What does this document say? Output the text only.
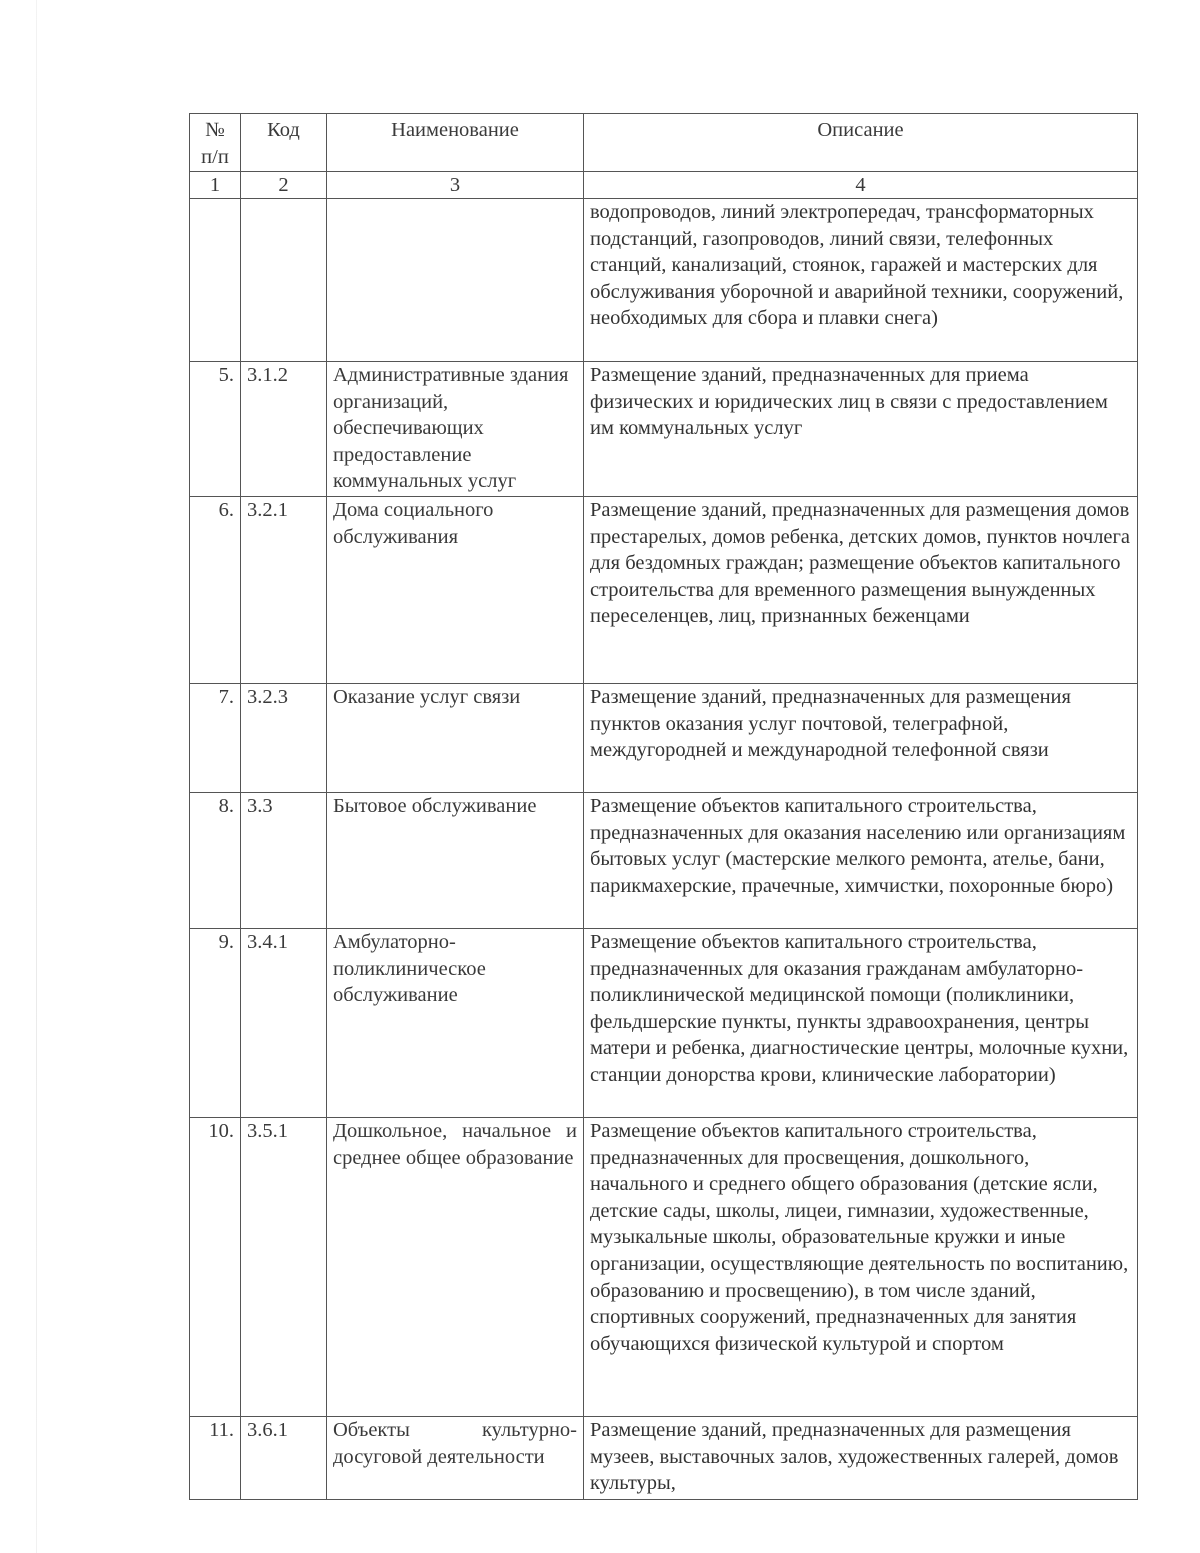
№ п/п	Код	Наименование	Описание
1	2	3	4
			водопроводов, линий электропередач, трансформаторных подстанций, газопроводов, линий связи, телефонных станций, канализаций, стоянок, гаражей и мастерских для обслуживания уборочной и аварийной техники, сооружений, необходимых для сбора и плавки снега)
5.	3.1.2	Административные здания организаций, обеспечивающих предоставление коммунальных услуг	Размещение зданий, предназначенных для приема физических и юридических лиц в связи с предоставлением им коммунальных услуг
6.	3.2.1	Дома социального обслуживания	Размещение зданий, предназначенных для размещения домов престарелых, домов ребенка, детских домов, пунктов ночлега для бездомных граждан; размещение объектов капитального строительства для временного размещения вынужденных переселенцев, лиц, признанных беженцами
7.	3.2.3	Оказание услуг связи	Размещение зданий, предназначенных для размещения пунктов оказания услуг почтовой, телеграфной, междугородней и международной телефонной связи
8.	3.3	Бытовое обслуживание	Размещение объектов капитального строительства, предназначенных для оказания населению или организациям бытовых услуг (мастерские мелкого ремонта, ателье, бани, парикмахерские, прачечные, химчистки, похоронные бюро)
9.	3.4.1	Амбулаторно-поликлиническое обслуживание	Размещение объектов капитального строительства, предназначенных для оказания гражданам амбулаторно-поликлинической медицинской помощи (поликлиники, фельдшерские пункты, пункты здравоохранения, центры матери и ребенка, диагностические центры, молочные кухни, станции донорства крови, клинические лаборатории)
10.	3.5.1	Дошкольное, начальное и среднее общее образование	Размещение объектов капитального строительства, предназначенных для просвещения, дошкольного, начального и среднего общего образования (детские ясли, детские сады, школы, лицеи, гимназии, художественные, музыкальные школы, образовательные кружки и иные организации, осуществляющие деятельность по воспитанию, образованию и просвещению), в том числе зданий, спортивных сооружений, предназначенных для занятия обучающихся физической культурой и спортом
11.	3.6.1	Объекты культурно-досуговой деятельности	Размещение зданий, предназначенных для размещения музеев, выставочных залов, художественных галерей, домов культуры,
